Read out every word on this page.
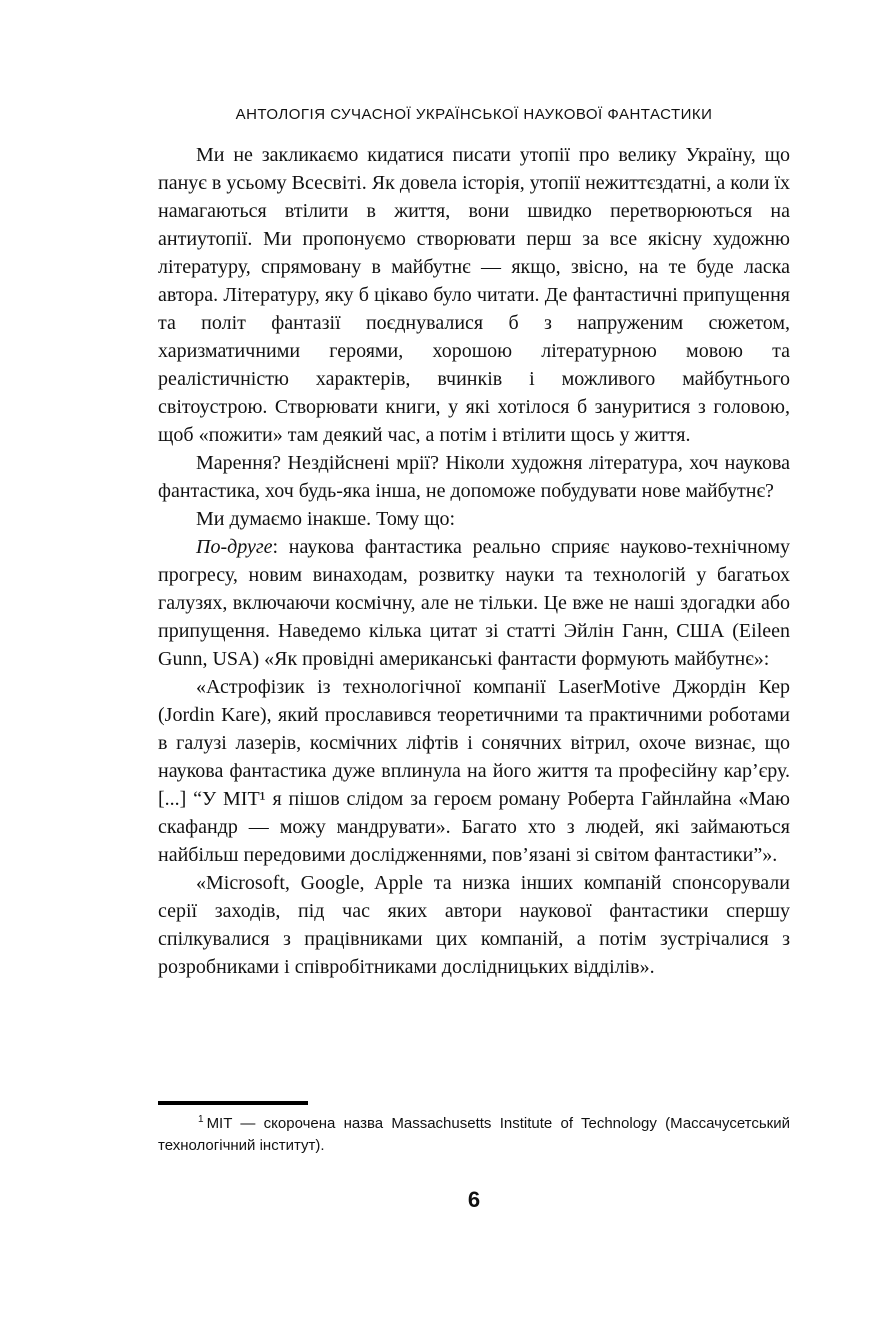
АНТОЛОГІЯ СУЧАСНОЇ УКРАЇНСЬКОЇ НАУКОВОЇ ФАНТАСТИКИ

Ми не закликаємо кидатися писати утопії про велику Україну, що панує в усьому Всесвіті. Як довела історія, утопії нежиттєздатні, а коли їх намагаються втілити в життя, вони швидко перетворюються на антиутопії. Ми пропонуємо створювати перш за все якісну художню літературу, спрямовану в майбутнє — якщо, звісно, на те буде ласка автора. Літературу, яку б цікаво було читати. Де фантастичні припущення та політ фантазії поєднувалися б з напруженим сюжетом, харизматичними героями, хорошою літературною мовою та реалістичністю характерів, вчинків і можливого майбутнього світоустрою. Створювати книги, у які хотілося б зануритися з головою, щоб «пожити» там деякий час, а потім і втілити щось у життя.

Марення? Нездійснені мрії? Ніколи художня література, хоч наукова фантастика, хоч будь-яка інша, не допоможе побудувати нове майбутнє?

Ми думаємо інакше. Тому що:

По-друге: наукова фантастика реально сприяє науково-технічному прогресу, новим винаходам, розвитку науки та технологій у багатьох галузях, включаючи космічну, але не тільки. Це вже не наші здогадки або припущення. Наведемо кілька цитат зі статті Эйлін Ганн, США (Eileen Gunn, USA) «Як провідні американські фантасти формують майбутнє»:

«Астрофізик із технологічної компанії LaserMotive Джордін Кер (Jordin Kare), який прославився теоретичними та практичними роботами в галузі лазерів, космічних ліфтів і сонячних вітрил, охоче визнає, що наукова фантастика дуже вплинула на його життя та професійну кар’єру. [...] “У MIT¹ я пішов слідом за героєм роману Роберта Гайнлайна «Маю скафандр — можу мандрувати». Багато хто з людей, які займаються найбільш передовими дослідженнями, пов’язані зі світом фантастики”».

«Microsoft, Google, Apple та низка інших компаній спонсорували серії заходів, під час яких автори наукової фантастики спершу спілкувалися з працівниками цих компаній, а потім зустрічалися з розробниками і співробітниками дослідницьких відділів».

$^1$ MIT — скорочена назва Massachusetts Institute of Technology (Массачусетський технологічний інститут).

6
